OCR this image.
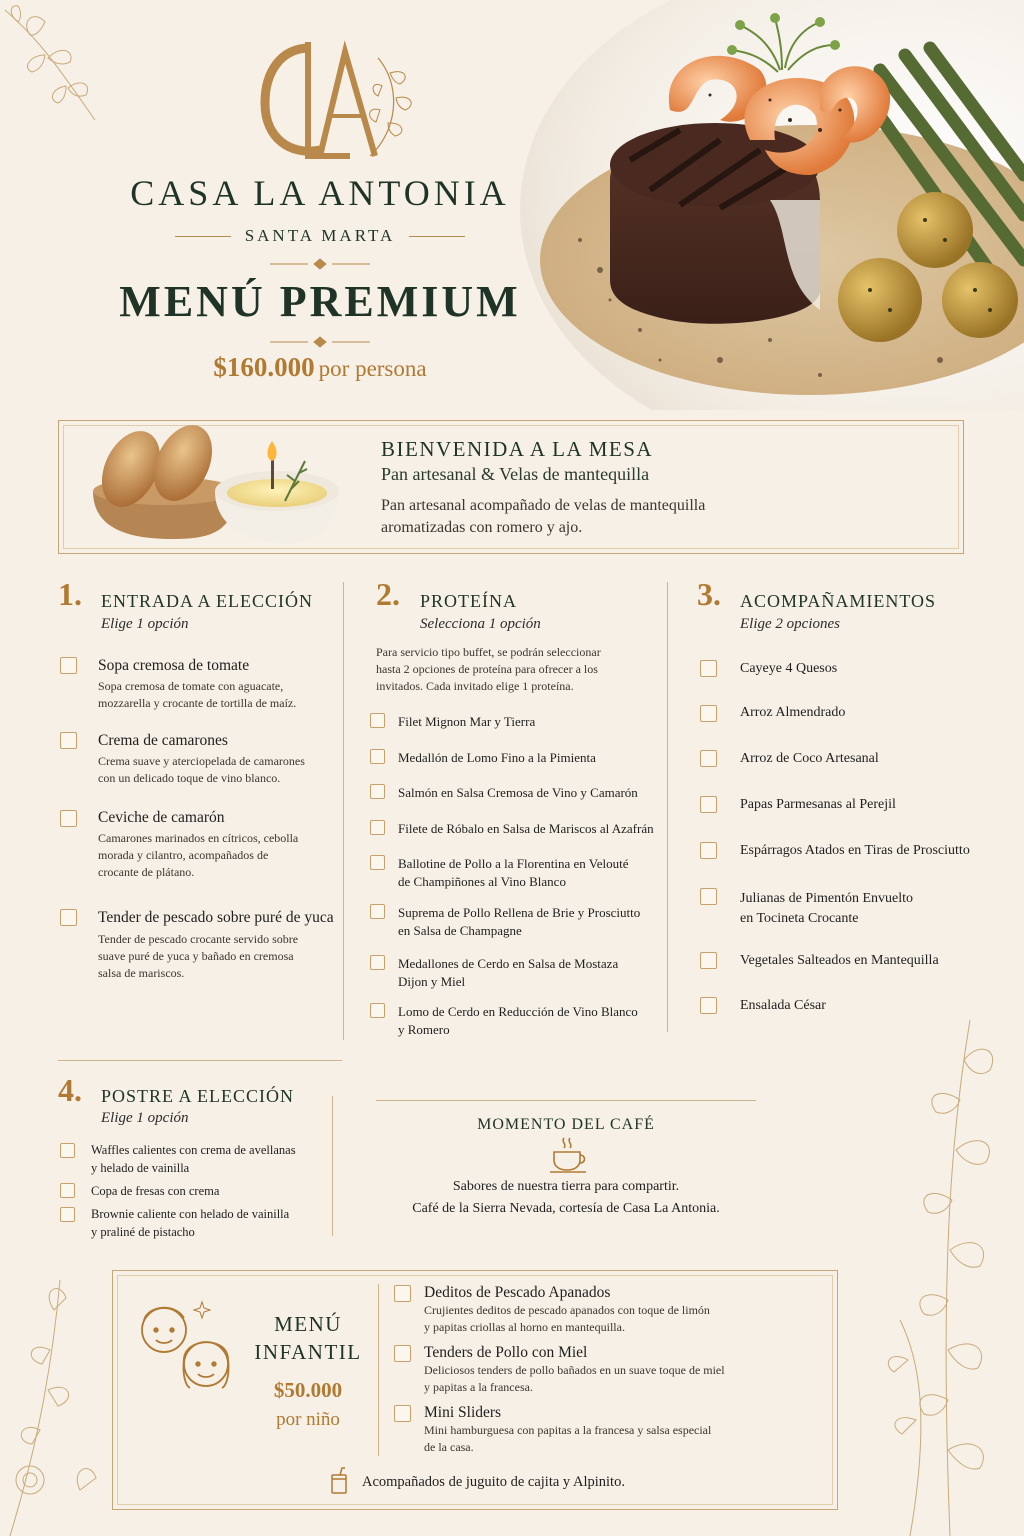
CASA LA ANTONIA
SANTA MARTA
MENÚ PREMIUM
$160.000 por persona
BIENVENIDA A LA MESA
Pan artesanal & Velas de mantequilla
Pan artesanal acompañado de velas de mantequilla
aromatizadas con romero y ajo.
1. ENTRADA A ELECCIÓN
Elige 1 opción
Sopa cremosa de tomate
Sopa cremosa de tomate con aguacate,
mozzarella y crocante de tortilla de maíz.
Crema de camarones
Crema suave y aterciopelada de camarones
con un delicado toque de vino blanco.
Ceviche de camarón
Camarones marinados en cítricos, cebolla
morada y cilantro, acompañados de
crocante de plátano.
Tender de pescado sobre puré de yuca
Tender de pescado crocante servido sobre
suave puré de yuca y bañado en cremosa
salsa de mariscos.
2. PROTEÍNA
Selecciona 1 opción
Para servicio tipo buffet, se podrán seleccionar
hasta 2 opciones de proteína para ofrecer a los
invitados. Cada invitado elige 1 proteína.
Filet Mignon Mar y Tierra
Medallón de Lomo Fino a la Pimienta
Salmón en Salsa Cremosa de Vino y Camarón
Filete de Róbalo en Salsa de Mariscos al Azafrán
Ballotine de Pollo a la Florentina en Velouté
de Champiñones al Vino Blanco
Suprema de Pollo Rellena de Brie y Prosciutto
en Salsa de Champagne
Medallones de Cerdo en Salsa de Mostaza
Dijon y Miel
Lomo de Cerdo en Reducción de Vino Blanco
y Romero
3. ACOMPAÑAMIENTOS
Elige 2 opciones
Cayeye 4 Quesos
Arroz Almendrado
Arroz de Coco Artesanal
Papas Parmesanas al Perejil
Espárragos Atados en Tiras de Prosciutto
Julianas de Pimentón Envuelto
en Tocineta Crocante
Vegetales Salteados en Mantequilla
Ensalada César
4. POSTRE A ELECCIÓN
Elige 1 opción
Waffles calientes con crema de avellanas
y helado de vainilla
Copa de fresas con crema
Brownie caliente con helado de vainilla
y praliné de pistacho
MOMENTO DEL CAFÉ
Sabores de nuestra tierra para compartir.
Café de la Sierra Nevada, cortesía de Casa La Antonia.
MENÚ
INFANTIL
$50.000
por niño
Deditos de Pescado Apanados
Crujientes deditos de pescado apanados con toque de limón
y papitas criollas al horno en mantequilla.
Tenders de Pollo con Miel
Deliciosos tenders de pollo bañados en un suave toque de miel
y papitas a la francesa.
Mini Sliders
Mini hamburguesa con papitas a la francesa y salsa especial
de la casa.
Acompañados de juguito de cajita y Alpinito.
